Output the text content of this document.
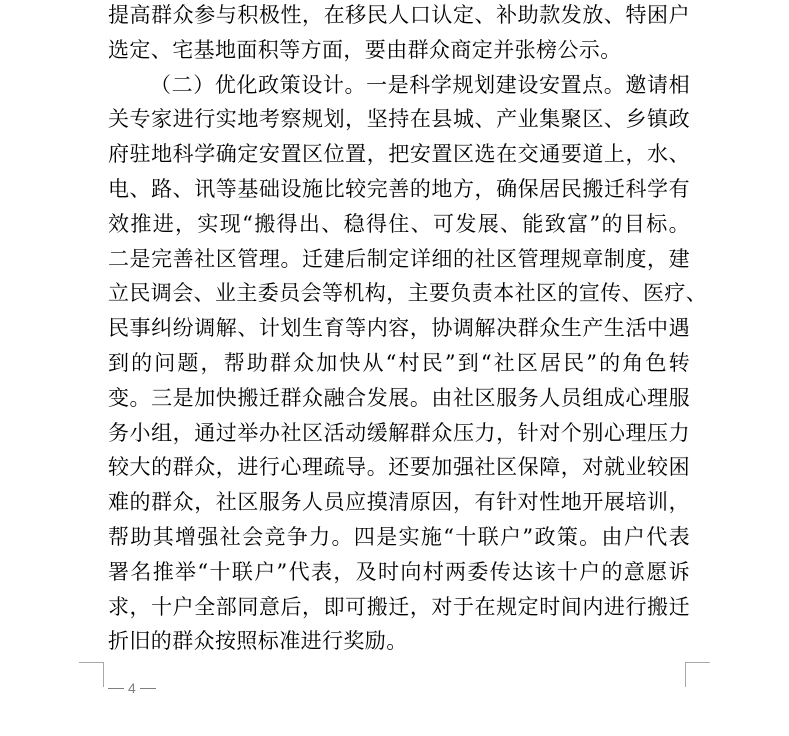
提高群众参与积极性，在移民人口认定、补助款发放、特困户
选定、宅基地面积等方面，要由群众商定并张榜公示。
（二）优化政策设计。一是科学规划建设安置点。邀请相
关专家进行实地考察规划，坚持在县城、产业集聚区、乡镇政
府驻地科学确定安置区位置，把安置区选在交通要道上，水、
电、路、讯等基础设施比较完善的地方，确保居民搬迁科学有
效推进，实现“搬得出、稳得住、可发展、能致富”的目标。
二是完善社区管理。迁建后制定详细的社区管理规章制度，建
立民调会、业主委员会等机构，主要负责本社区的宣传、医疗、
民事纠纷调解、计划生育等内容，协调解决群众生产生活中遇
到的问题，帮助群众加快从“村民”到“社区居民”的角色转
变。三是加快搬迁群众融合发展。由社区服务人员组成心理服
务小组，通过举办社区活动缓解群众压力，针对个别心理压力
较大的群众，进行心理疏导。还要加强社区保障，对就业较困
难的群众，社区服务人员应摸清原因，有针对性地开展培训，
帮助其增强社会竞争力。四是实施“十联户”政策。由户代表
署名推举“十联户”代表，及时向村两委传达该十户的意愿诉
求，十户全部同意后，即可搬迁，对于在规定时间内进行搬迁
折旧的群众按照标准进行奖励。
4
